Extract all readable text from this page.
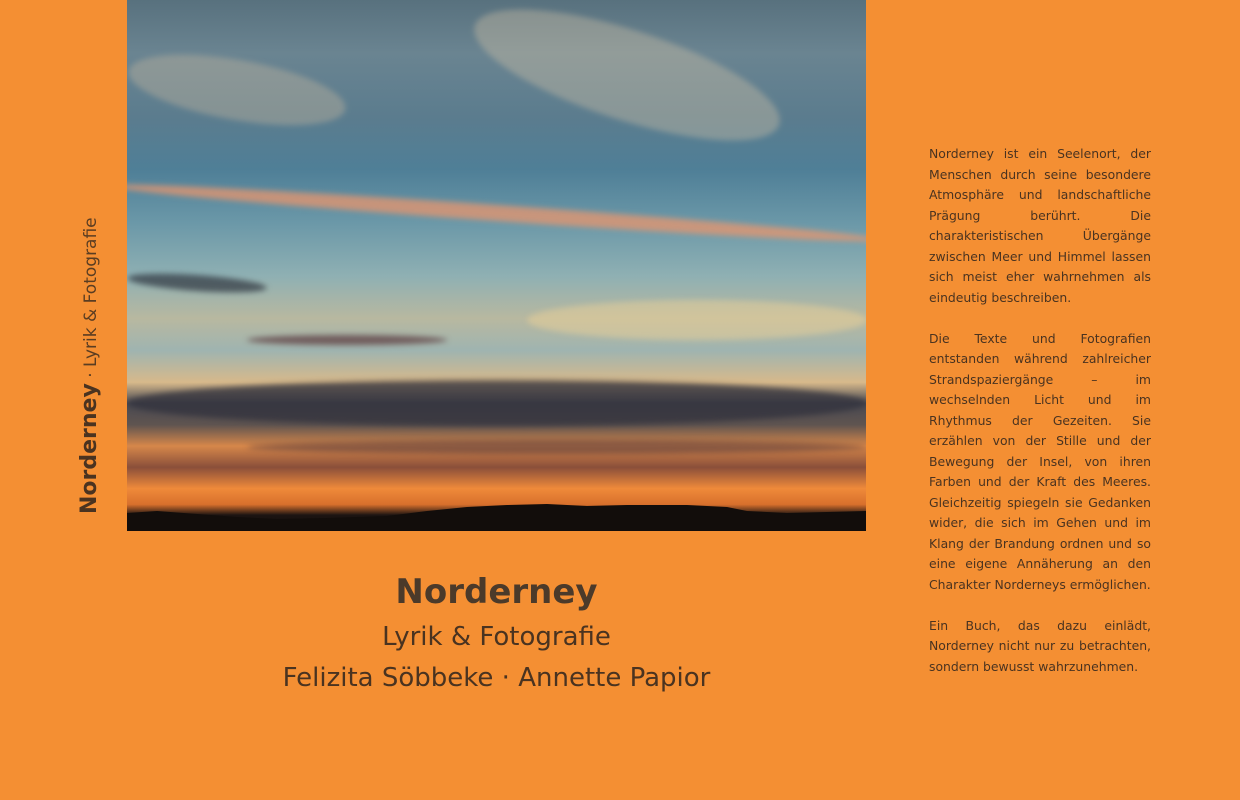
Norderney · Lyrik & Fotografie
Norderney
Lyrik & Fotografie
Felizita Söbbeke · Annette Papior

Norderney ist ein Seelenort, der Menschen durch seine besondere Atmosphäre und landschaftliche Prägung berührt. Die charakteristischen Übergänge zwischen Meer und Himmel lassen sich meist eher wahrnehmen als eindeutig beschreiben.

Die Texte und Fotografien entstanden während zahlreicher Strandspaziergänge – im wechselnden Licht und im Rhythmus der Gezeiten. Sie erzählen von der Stille und der Bewegung der Insel, von ihren Farben und der Kraft des Meeres. Gleichzeitig spiegeln sie Gedanken wider, die sich im Gehen und im Klang der Brandung ordnen und so eine eigene Annäherung an den Charakter Norderneys ermöglichen.

Ein Buch, das dazu einlädt, Norderney nicht nur zu betrachten, sondern bewusst wahrzunehmen.
